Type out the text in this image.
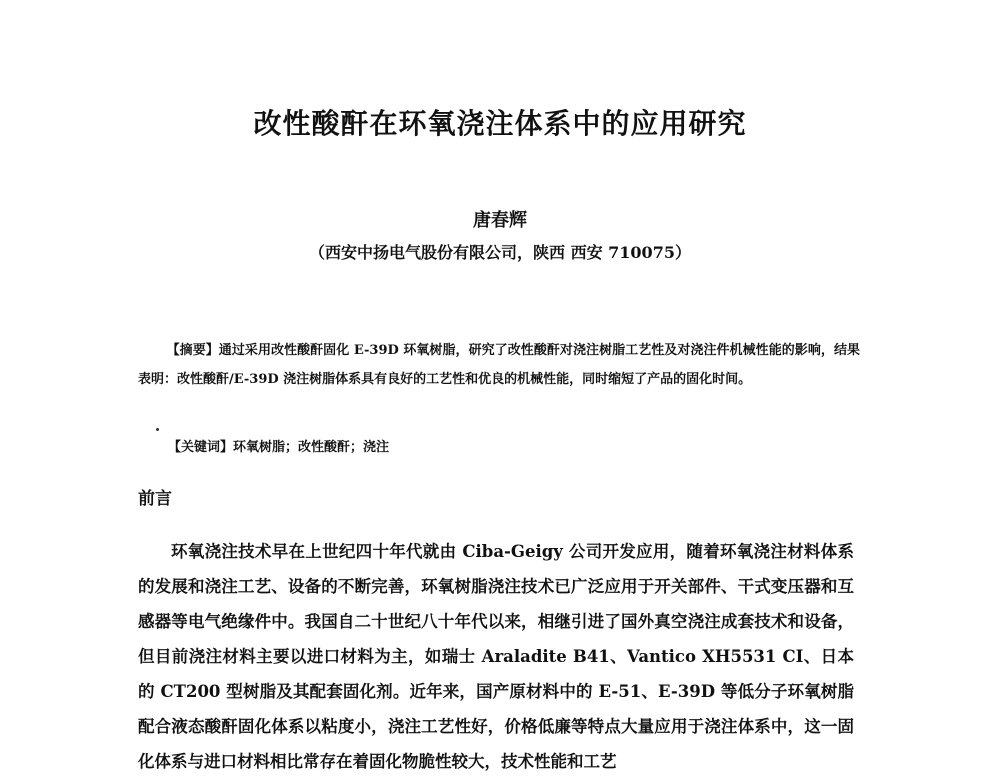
改性酸酐在环氧浇注体系中的应用研究
唐春辉
（西安中扬电气股份有限公司，陕西 西安 710075）
【摘要】通过采用改性酸酐固化 E-39D 环氧树脂，研究了改性酸酐对浇注树脂工艺性及对浇注件机械性能的影响，结果表明：改性酸酐/E-39D 浇注树脂体系具有良好的工艺性和优良的机械性能，同时缩短了产品的固化时间。
【关键词】环氧树脂；改性酸酐；浇注
前言
环氧浇注技术早在上世纪四十年代就由 Ciba-Geigy 公司开发应用，随着环氧浇注材料体系的发展和浇注工艺、设备的不断完善，环氧树脂浇注技术已广泛应用于开关部件、干式变压器和互感器等电气绝缘件中。我国自二十世纪八十年代以来，相继引进了国外真空浇注成套技术和设备，但目前浇注材料主要以进口材料为主，如瑞士 Araladite B41、Vantico XH5531 CI、日本的 CT200 型树脂及其配套固化剂。近年来，国产原材料中的 E-51、E-39D 等低分子环氧树脂配合液态酸酐固化体系以粘度小，浇注工艺性好，价格低廉等特点大量应用于浇注体系中，这一固化体系与进口材料相比常存在着固化物脆性较大，技术性能和工艺
